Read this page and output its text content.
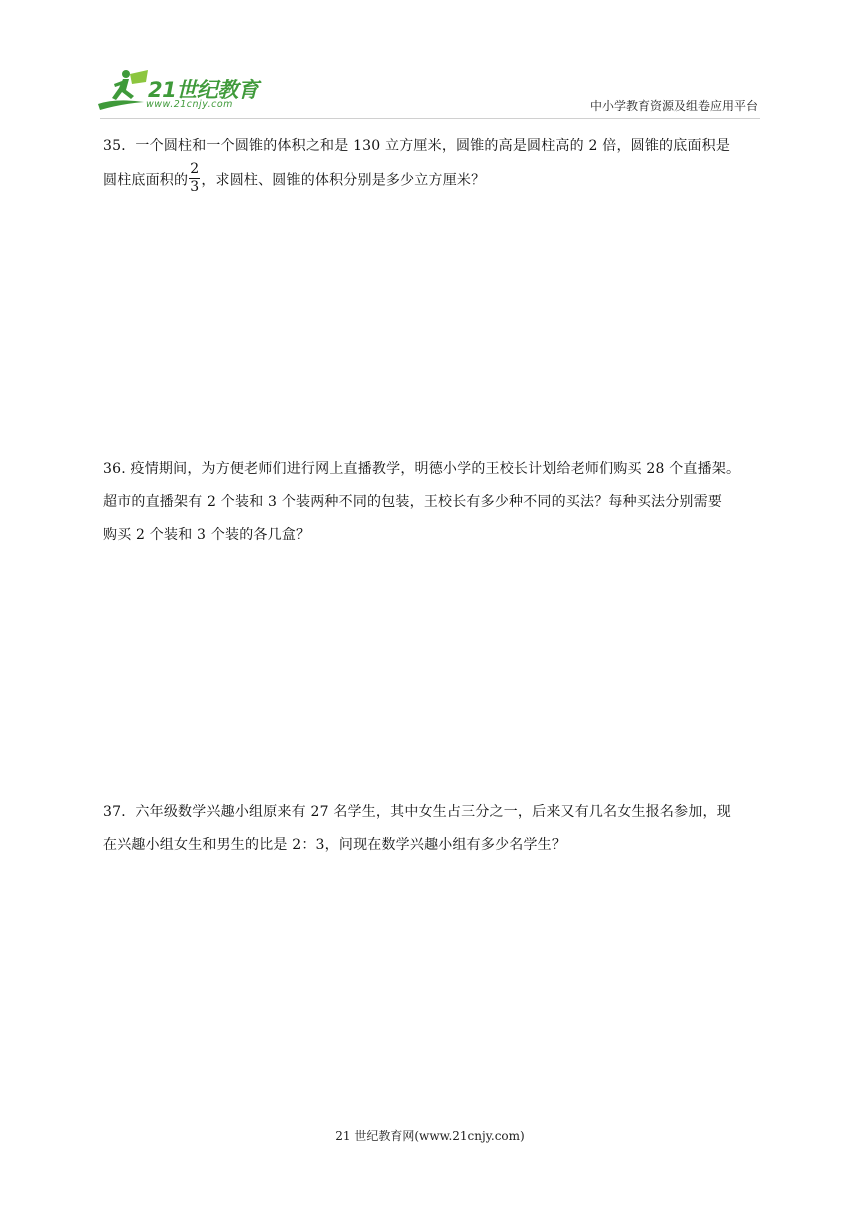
21世纪教育
www.21cnjy.com	中小学教育资源及组卷应用平台
35．一个圆柱和一个圆锥的体积之和是 130 立方厘米，圆锥的高是圆柱高的 2 倍，圆锥的底面积是
圆柱底面积的 $\frac{2}{3}$ ，求圆柱、圆锥的体积分别是多少立方厘米？
36. 疫情期间，为方便老师们进行网上直播教学，明德小学的王校长计划给老师们购买 28 个直播架。
超市的直播架有 2 个装和 3 个装两种不同的包装，王校长有多少种不同的买法？每种买法分别需要
购买 2 个装和 3 个装的各几盒？
37．六年级数学兴趣小组原来有 27 名学生，其中女生占三分之一，后来又有几名女生报名参加，现
在兴趣小组女生和男生的比是 2：3，问现在数学兴趣小组有多少名学生？
21 世纪教育网(www.21cnjy.com)
